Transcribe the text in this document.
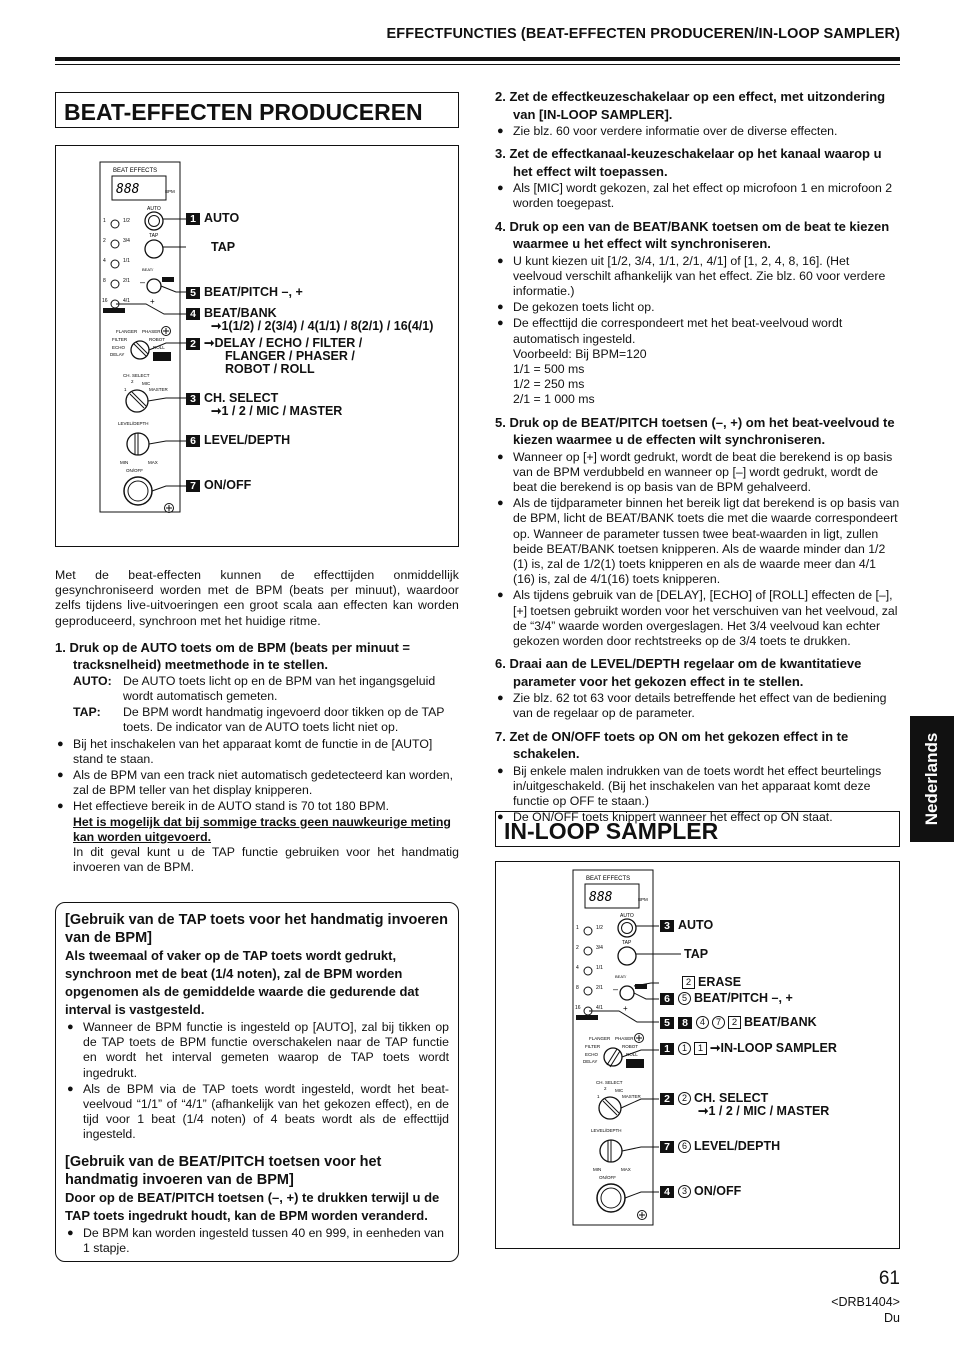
EFFECTFUNCTIES (BEAT-EFFECTEN PRODUCEREN/IN-LOOP SAMPLER)
BEAT-EFFECTEN PRODUCEREN
BEAT EFFECTS
888	BPM
AUTO
TAP
1
2
4
8
16
1/2
3/4
1/1
2/1
4/1
BEAT/
–
+
FLANGER PHASER
FILTER	ROBOT
ECHO	ROLL
DELAY
CH. SELECT
MIC
1
2
MASTER
LEVEL/DEPTH
MIN	MAX
ON/OFF
1 AUTO
TAP
5 BEAT/PITCH –, +
4 BEAT/BANK
➞1(1/2) / 2(3/4) / 4(1/1) / 8(2/1) / 16(4/1)
2 ➞DELAY / ECHO / FILTER /
FLANGER / PHASER /
ROBOT / ROLL
3 CH. SELECT
➞1 / 2 / MIC / MASTER
6 LEVEL/DEPTH
7 ON/OFF

Met de beat-effecten kunnen de effecttijden onmiddellijk gesynchroniseerd worden met de BPM (beats per minuut), waardoor zelfs tijdens live-uitvoeringen een groot scala aan effecten kan worden geproduceerd, synchroon met het huidige ritme.

1. Druk op de AUTO toets om de BPM (beats per minuut = tracksnelheid) meetmethode in te stellen.

AUTO: De AUTO toets licht op en de BPM van het ingangsgeluid wordt automatisch gemeten.
TAP:	De BPM wordt handmatig ingevoerd door tikken op de TAP toets. De indicator van de AUTO toets licht niet op.

● Bij het inschakelen van het apparaat komt de functie in de [AUTO] stand te staan.

● Als de BPM van een track niet automatisch gedetecteerd kan worden, zal de BPM teller van het display knipperen.

● Het effectieve bereik in de AUTO stand is 70 tot 180 BPM.

Het is mogelijk dat bij sommige tracks geen nauwkeurige meting kan worden uitgevoerd.

In dit geval kunt u de TAP functie gebruiken voor het handmatig invoeren van de BPM.

[Gebruik van de TAP toets voor het handmatig invoeren van de BPM]

Als tweemaal of vaker op de TAP toets wordt gedrukt, synchroon met de beat (1/4 noten), zal de BPM worden opgenomen als de gemiddelde waarde die gedurende dat interval is vastgesteld.

● Wanneer de BPM functie is ingesteld op [AUTO], zal bij tikken op de TAP toets de BPM functie overschakelen naar de TAP functie en wordt het interval gemeten waarop de TAP toets wordt ingedrukt.

● Als de BPM via de TAP toets wordt ingesteld, wordt het beat-veelvoud “1/1” of “4/1” (afhankelijk van het gekozen effect), en de tijd voor 1 beat (1/4 noten) of 4 beats wordt als de effecttijd ingesteld.

[Gebruik van de BEAT/PITCH toetsen voor het handmatig invoeren van de BPM]

Door op de BEAT/PITCH toetsen (–, +) te drukken terwijl u de TAP toets ingedrukt houdt, kan de BPM worden veranderd.

● De BPM kan worden ingesteld tussen 40 en 999, in eenheden van 1 stapje.

2. Zet de effectkeuzeschakelaar op een effect, met uitzondering van [IN-LOOP SAMPLER].

● Zie blz. 60 voor verdere informatie over de diverse effecten.

3. Zet de effectkanaal-keuzeschakelaar op het kanaal waarop u het effect wilt toepassen.

● Als [MIC] wordt gekozen, zal het effect op microfoon 1 en microfoon 2 worden toegepast.

4. Druk op een van de BEAT/BANK toetsen om de beat te kiezen waarmee u het effect wilt synchroniseren.

● U kunt kiezen uit [1/2, 3/4, 1/1, 2/1, 4/1] of [1, 2, 4, 8, 16]. (Het veelvoud verschilt afhankelijk van het effect. Zie blz. 60 voor verdere informatie.)

● De gekozen toets licht op.

● De effecttijd die correspondeert met het beat-veelvoud wordt automatisch ingesteld.

Voorbeeld: Bij BPM=120

1/1 = 500 ms

1/2 = 250 ms

2/1 = 1 000 ms

5. Druk op de BEAT/PITCH toetsen (–, +) om het beat-veelvoud te kiezen waarmee u de effecten wilt synchroniseren.

● Wanneer op [+] wordt gedrukt, wordt de beat die berekend is op basis van de BPM verdubbeld en wanneer op [–] wordt gedrukt, wordt de beat die berekend is op basis van de BPM gehalveerd.

● Als de tijdparameter binnen het bereik ligt dat berekend is op basis van de BPM, licht de BEAT/BANK toets die met die waarde correspondeert op. Wanneer de parameter tussen twee beat-waarden in ligt, zullen beide BEAT/BANK toetsen knipperen. Als de waarde minder dan 1/2 (1) is, zal de 1/2(1) toets knipperen en als de waarde meer dan 4/1 (16) is, zal de 4/1(16) toets knipperen.

● Als tijdens gebruik van de [DELAY], [ECHO] of [ROLL] effecten de [–], [+] toetsen gebruikt worden voor het verschuiven van het veelvoud, zal de “3/4” waarde worden overgeslagen. Het 3/4 veelvoud kan echter gekozen worden door rechtstreeks op de 3/4 toets te drukken.

6. Draai aan de LEVEL/DEPTH regelaar om de kwantitatieve parameter voor het gekozen effect in te stellen.

● Zie blz. 62 tot 63 voor details betreffende het effect van de bediening van de regelaar op de parameter.

7. Zet de ON/OFF toets op ON om het gekozen effect in te schakelen.

● Bij enkele malen indrukken van de toets wordt het effect beurtelings in/uitgeschakeld. (Bij het inschakelen van het apparaat komt deze functie op OFF te staan.)

● De ON/OFF toets knippert wanneer het effect op ON staat.

IN-LOOP SAMPLER
BEAT EFFECTS
888	BPM
AUTO
TAP
1
2
4
8
16
1/2
3/4
1/1
2/1
4/1
BEAT/
–
+
FLANGER PHASER
FILTER	ROBOT
ECHO	ROLL
DELAY
CH. SELECT
MIC
1
2
MASTER
LEVEL/DEPTH
MIN	MAX
ON/OFF
3 AUTO
TAP
2 ERASE
6 5 BEAT/PITCH –, +
5 8 4 7 2 BEAT/BANK
1 1 1 ➞IN-LOOP SAMPLER
2 2 CH. SELECT
➞1 / 2 / MIC / MASTER
7 6 LEVEL/DEPTH
4 3 ON/OFF
Nederlands
61
<DRB1404>
Du
